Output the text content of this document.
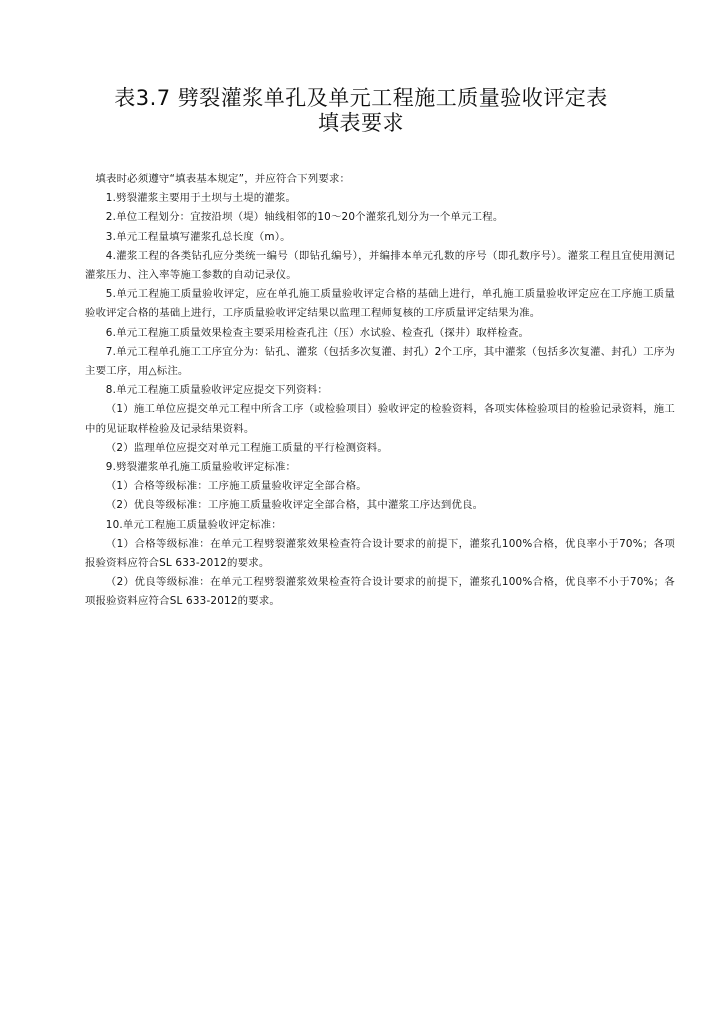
表3.7 劈裂灌浆单孔及单元工程施工质量验收评定表
填表要求

填表时必须遵守“填表基本规定”，并应符合下列要求：

1.劈裂灌浆主要用于土坝与土堤的灌浆。

2.单位工程划分：宜按沿坝（堤）轴线相邻的10～20个灌浆孔划分为一个单元工程。

3.单元工程量填写灌浆孔总长度（m）。

4.灌浆工程的各类钻孔应分类统一编号（即钻孔编号），并编排本单元孔数的序号（即孔数序号）。灌浆工程且宜使用测记灌浆压力、注入率等施工参数的自动记录仪。

5.单元工程施工质量验收评定，应在单孔施工质量验收评定合格的基础上进行，单孔施工质量验收评定应在工序施工质量验收评定合格的基础上进行，工序质量验收评定结果以监理工程师复核的工序质量评定结果为准。

6.单元工程施工质量效果检查主要采用检查孔注（压）水试验、检查孔（探井）取样检查。

7.单元工程单孔施工工序宜分为：钻孔、灌浆（包括多次复灌、封孔）2个工序，其中灌浆（包括多次复灌、封孔）工序为主要工序，用△标注。

8.单元工程施工质量验收评定应提交下列资料：

（1）施工单位应提交单元工程中所含工序（或检验项目）验收评定的检验资料，各项实体检验项目的检验记录资料，施工中的见证取样检验及记录结果资料。

（2）监理单位应提交对单元工程施工质量的平行检测资料。

9.劈裂灌浆单孔施工质量验收评定标准：

（1）合格等级标准：工序施工质量验收评定全部合格。

（2）优良等级标准：工序施工质量验收评定全部合格，其中灌浆工序达到优良。

10.单元工程施工质量验收评定标准：

（1）合格等级标准：在单元工程劈裂灌浆效果检查符合设计要求的前提下，灌浆孔100%合格，优良率小于70%；各项报验资料应符合SL 633-2012的要求。

（2）优良等级标准：在单元工程劈裂灌浆效果检查符合设计要求的前提下，灌浆孔100%合格，优良率不小于70%；各项报验资料应符合SL 633-2012的要求。
